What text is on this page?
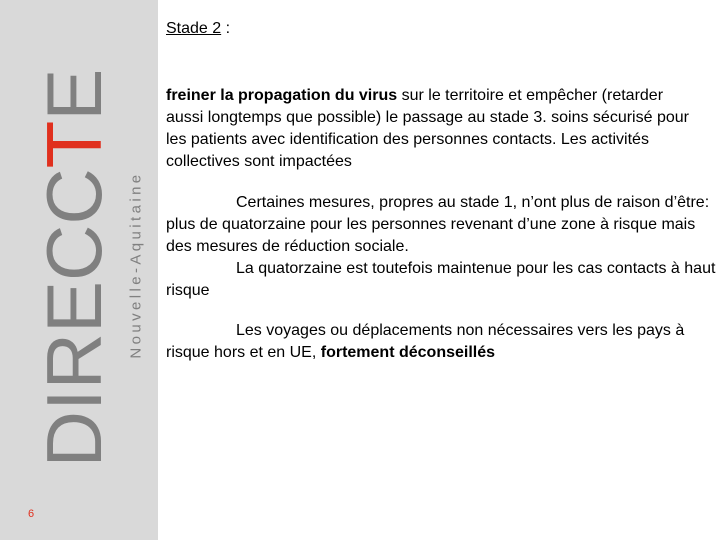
DIRECCTE
Nouvelle-Aquitaine
6
Stade 2 :

freiner la propagation du virus sur le territoire et empêcher (retarder aussi longtemps que possible) le passage au stade 3. soins sécurisé pour les patients avec identification des personnes contacts. Les activités collectives sont impactées

Certaines mesures, propres au stade 1, n’ont plus de raison d’être: plus de quatorzaine pour les personnes revenant d’une zone à risque mais des mesures de réduction sociale.
La quatorzaine est toutefois maintenue pour les cas contacts à haut risque

Les voyages ou déplacements non nécessaires vers les pays à risque hors et en UE, fortement déconseillés
